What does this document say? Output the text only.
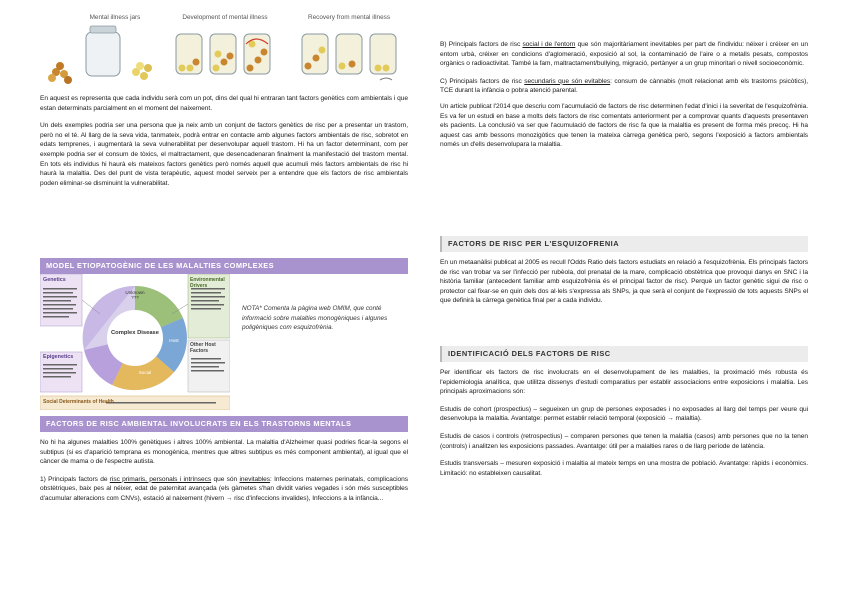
Mental illness jars	Development of mental illness	Recovery from mental illness

En aquest es representa que cada individu serà com un pot, dins del qual hi entraran tant factors genètics com ambientals i que estan determinats parcialment en el moment del naixement.

Un dels exemples podria ser una persona que ja neix amb un conjunt de factors genètics de risc per a presentar un trastorn, però no el té. Al llarg de la seva vida, tanmateix, podrà entrar en contacte amb algunes factors ambientals de risc, sobretot en edats temprenes, i augmentarà la seva vulnerabilitat per desenvolupar aquell trastorn. Hi ha un factor determinant, com per exemple podria ser el consum de tòxics, el maltractament, que desencadenaran finalment la manifestació del trastorn mental. En tots els individus hi haurà els mateixos factors genètics però només aquell que acumuli més factors ambientals de risc hi haurà la malaltia. Des del punt de vista terapèutic, aquest model serveix per a entendre que els factors de risc ambientals poden eliminar-se disminuint la vulnerabilitat.

MODEL ETIOPATOGÈNIC DE LES MALALTIES COMPLEXES
Genetics
Epigenetics
Environmental Drivers
Other Host Factors
Complex Disease
Unknown ???
Host
Social
Social Determinants of Health
NOTA* Comenta la pàgina web OMIM, que conté informació sobre malalties monogèniques i algunes poligèniques com esquizofrènia.
FACTORS DE RISC AMBIENTAL INVOLUCRATS EN ELS TRASTORNS MENTALS

No hi ha algunes malalties 100% genètiques i altres 100% ambiental. La malaltia d'Alzheimer quasi podries ficar-la segons el subtipus (si es d'aparició temprana es monogènica, mentres que altres subtipus es més component ambiental), al igual que el càncer de mama o de l'espectre autista.

1) Principals factors de risc primaris, personals i intrínsecs que són inevitables: Infeccions maternes perinatals, complicacions obstètriques, baix pes al néixer, edat de paternitat avançada (els gàmetes s'han dividit varies vegades i són més susceptibles d'acumular alteracions com CNVs), estació al naixement (hivern → risc d'infeccions invalides), Infeccions a la infància...

B) Principals factors de risc social i de l'entorn que són majoritàriament inevitables per part de l'individu: néixer i créixer en un entorn urbà, créixer en condicions d'aglomeració, exposició al sol, la contaminació de l'aire o a metalls pesats, compostos orgànics o radioactivitat. També la fam, maltractament/bullying, migració, pertànyer a un grup minoritari o nivell socioeconòmic.

C) Principals factors de risc secundaris que són evitables: consum de cànnabis (molt relacionat amb els trastorns psicòtics), TCE durant la infància o pobra atenció parental.

Un article publicat l'2014 que descriu com l'acumulació de factors de risc determinen l'edat d'inici i la severitat de l'esquizofrènia. Es va fer un estudi en base a molts dels factors de risc comentats anteriorment per a comprovar quants d'aquests presentaven els pacients. La conclusió va ser que l'acumulació de factors de risc fa que la malaltia es present de forma més precoç. Hi ha aquest cas amb bessons monozigòtics que tenen la mateixa càrrega genètica però, segons l'exposició a factors ambientals només un d'ells desenvolupara la malaltia.

FACTORS DE RISC PER L'ESQUIZOFRENIA

En un metaanàlisi publicat al 2005 es recull l'Odds Ratio dels factors estudiats en relació a l'esquizofrènia. Els principals factors de risc van trobar va ser l'infecció per rubèola, dol prenatal de la mare, complicació obstètrica que provoqui danys en SNC i la història familiar (antecedent familiar amb esquizofrènia és el principal factor de risc). Perquè un factor genètic sigui de risc o protector cal fixar-se en quin dels dos al·lels s'expressa als SNPs, ja que serà el conjunt de l'expressió de tots aquests SNPs el que definirà la càrrega genètica final per a cada individu.

IDENTIFICACIÓ DELS FACTORS DE RISC

Per identificar els factors de risc involucrats en el desenvolupament de les malalties, la proximació més robusta és l'epidemiologia analítica, que utilitza dissenys d'estudi comparatius per establir associacions entre exposicions i malaltia. Les principals aproximacions són:

Estudis de cohort (prospectius) – segueixen un grup de persones exposades i no exposades al llarg del temps per veure qui desenvolupa la malaltia. Avantatge: permet establir relació temporal (exposició → malaltia).

Estudis de casos i controls (retrospectius) – comparen persones que tenen la malaltia (casos) amb persones que no la tenen (controls) i analitzen les exposicions passades. Avantatge: útil per a malalties rares o de llarg període de latència.

Estudis transversals – mesuren exposició i malaltia al mateix temps en una mostra de població. Avantatge: ràpids i econòmics. Limitació: no estableixen causalitat.
